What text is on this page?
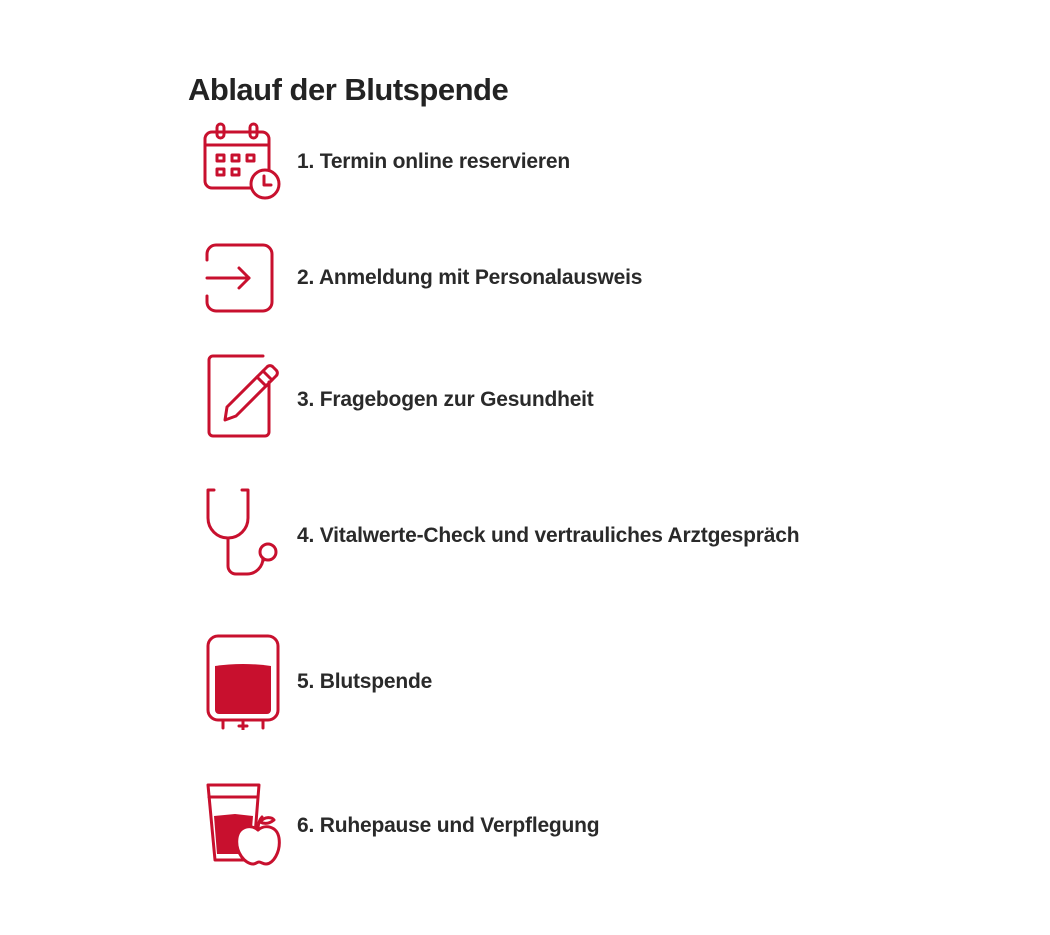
Ablauf der Blutspende
1. Termin online reservieren
2. Anmeldung mit Personalausweis
3. Fragebogen zur Gesundheit
4. Vitalwerte-Check und vertrauliches Arztgespräch
5. Blutspende
6. Ruhepause und Verpflegung
